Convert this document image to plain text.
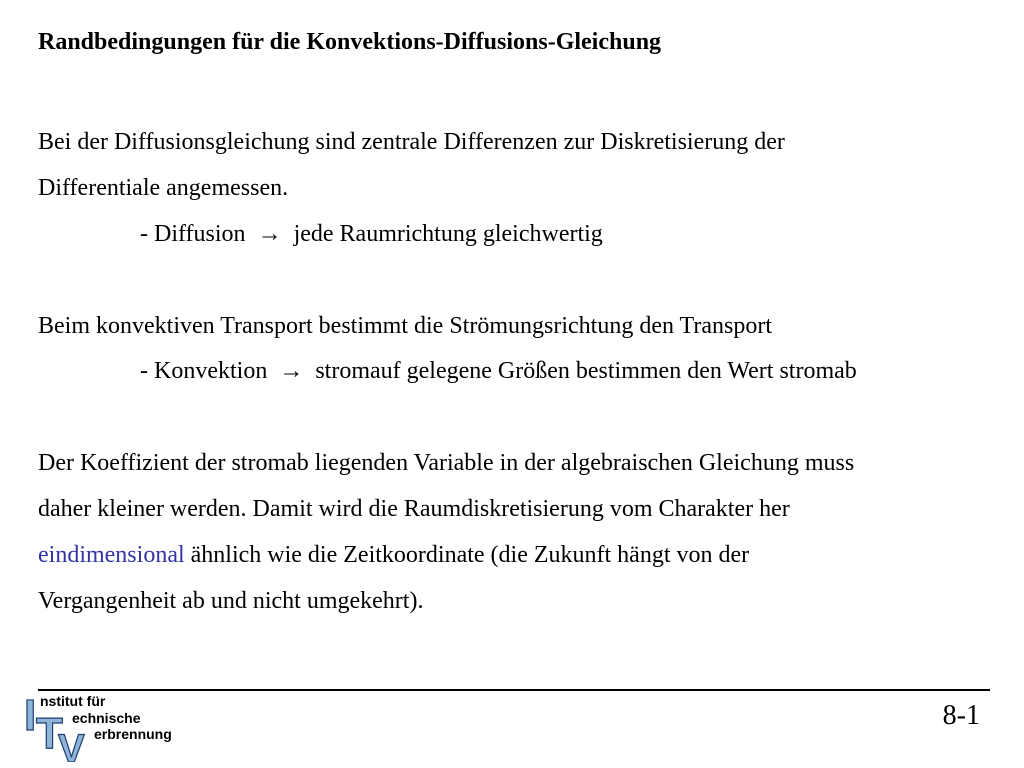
Randbedingungen für die Konvektions-Diffusions-Gleichung
Bei der Diffusionsgleichung sind zentrale Differenzen zur Diskretisierung der
Differentiale angemessen.
- Diffusion → jede Raumrichtung gleichwertig
Beim konvektiven Transport bestimmt die Strömungsrichtung den Transport
- Konvektion → stromauf gelegene Größen bestimmen den Wert stromab
Der Koeffizient der stromab liegenden Variable in der algebraischen Gleichung muss
daher kleiner werden. Damit wird die Raumdiskretisierung vom Charakter her
eindimensional ähnlich wie die Zeitkoordinate (die Zukunft hängt von der
Vergangenheit ab und nicht umgekehrt).
I T
V
nstitut für
echnische
erbrennung
8-1
